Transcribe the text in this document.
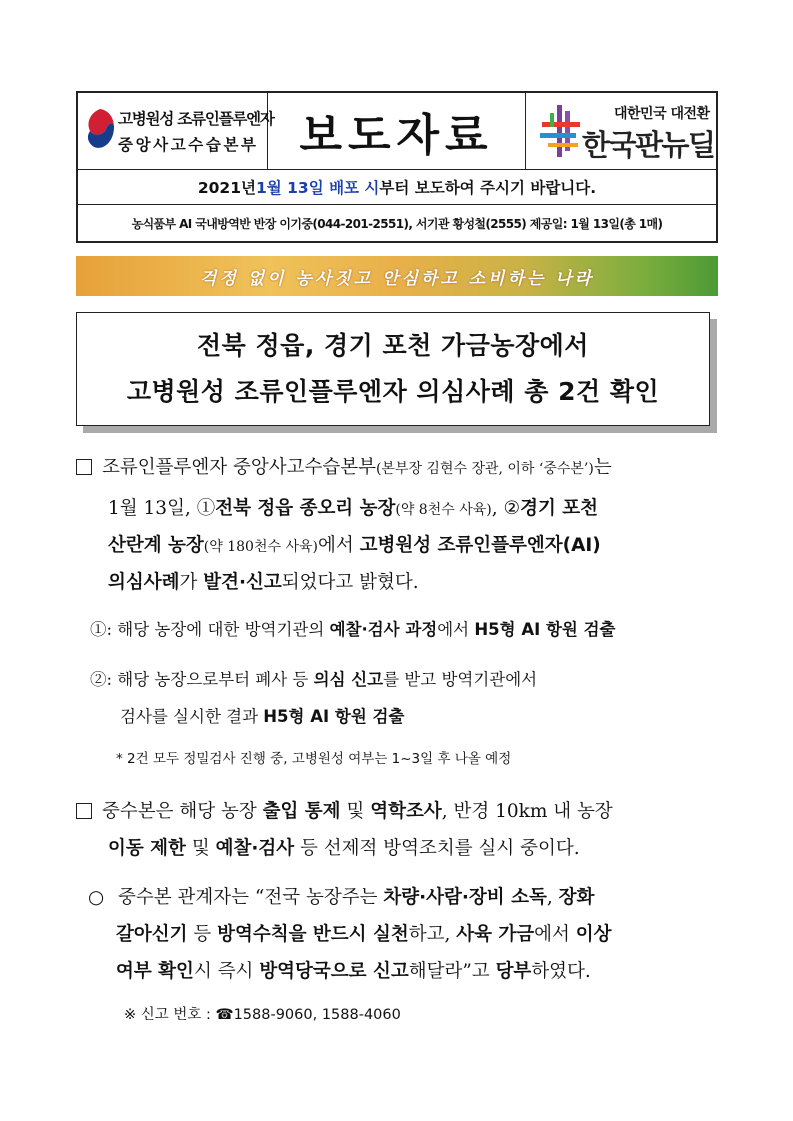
고병원성 조류인플루엔자
중앙사고수습본부 보도자료	대한민국 대전환
한국판뉴딜
2021년 1월 13일 배포 시 부터 보도하여 주시기 바랍니다.
농식품부 AI 국내방역반 반장 이기중(044-201-2551), 서기관 황성철(2555) 제공일: 1월 13일(총 1매)
걱정 없이 농사짓고 안심하고 소비하는 나라
전북 정읍, 경기 포천 가금농장에서
고병원성 조류인플루엔자 의심사례 총 2건 확인
조류인플루엔자 중앙사고수습본부(본부장 김현수 장관, 이하 ‘중수본’)는
1월 13일, ①전북 정읍 종오리 농장(약 8천수 사육), ②경기 포천
산란계 농장(약 180천수 사육)에서 고병원성 조류인플루엔자(AI)
의심사례가 발견·신고되었다고 밝혔다.
①: 해당 농장에 대한 방역기관의 예찰·검사 과정에서 H5형 AI 항원 검출
②: 해당 농장으로부터 폐사 등 의심 신고를 받고 방역기관에서
검사를 실시한 결과 H5형 AI 항원 검출
* 2건 모두 정밀검사 진행 중, 고병원성 여부는 1~3일 후 나올 예정
중수본은 해당 농장 출입 통제 및 역학조사, 반경 10km 내 농장
이동 제한 및 예찰·검사 등 선제적 방역조치를 실시 중이다.
○ 중수본 관계자는 “전국 농장주는 차량·사람·장비 소독, 장화
갈아신기 등 방역수칙을 반드시 실천하고, 사육 가금에서 이상
여부 확인시 즉시 방역당국으로 신고해달라”고 당부하였다.
※ 신고 번호 : ☎1588-9060, 1588-4060
